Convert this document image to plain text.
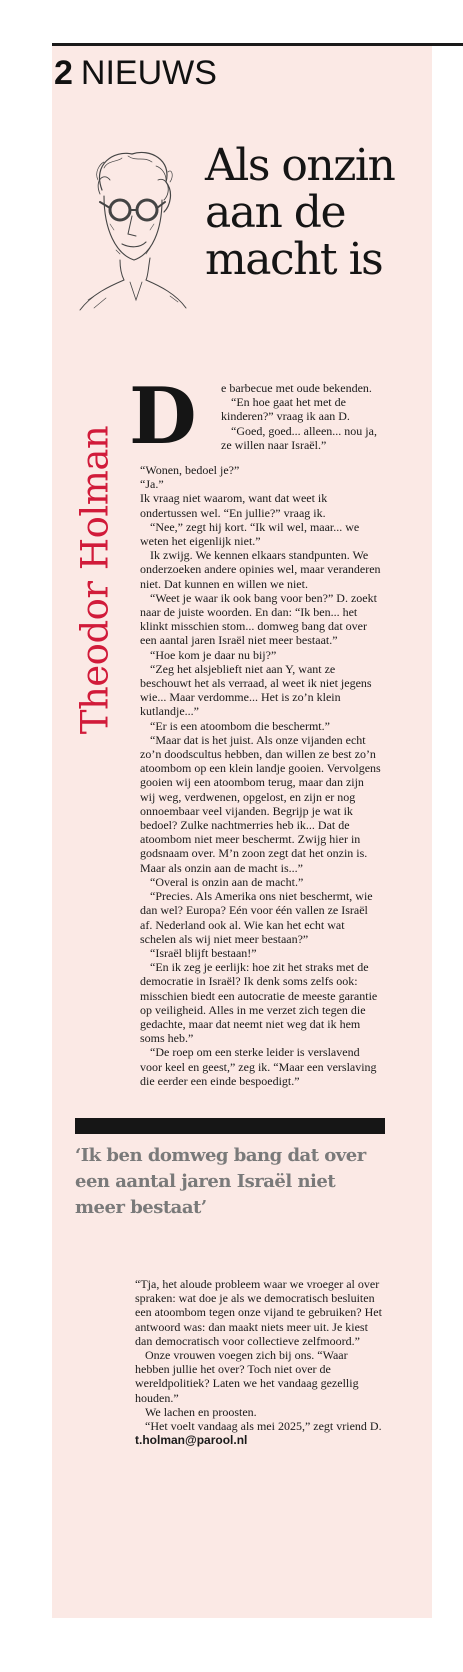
2 NIEUWS
Als onzin aan de macht is
Theodor Holman
D e barbecue met oude bekenden.

“En hoe gaat het met de kinderen?” vraag ik aan D.

“Goed, goed... alleen... nou ja, ze willen naar Israël.”

“Wonen, bedoel je?”

“Ja.”

Ik vraag niet waarom, want dat weet ik ondertussen wel. “En jullie?” vraag ik.

“Nee,” zegt hij kort. “Ik wil wel, maar... we weten het eigenlijk niet.”

Ik zwijg. We kennen elkaars standpunten. We onderzoeken andere opinies wel, maar veranderen niet. Dat kunnen en willen we niet.

“Weet je waar ik ook bang voor ben?” D. zoekt naar de juiste woorden. En dan: “Ik ben... het klinkt misschien stom... domweg bang dat over een aantal jaren Israël niet meer bestaat.”

“Hoe kom je daar nu bij?”

“Zeg het alsjeblieft niet aan Y, want ze beschouwt het als verraad, al weet ik niet jegens wie... Maar verdomme... Het is zo’n klein kutlandje...”

“Er is een atoombom die beschermt.”

“Maar dat is het juist. Als onze vijanden echt zo’n doodscultus hebben, dan willen ze best zo’n atoombom op een klein landje gooien. Vervolgens gooien wij een atoombom terug, maar dan zijn wij weg, verdwenen, opgelost, en zijn er nog onnoembaar veel vijanden. Begrijp je wat ik bedoel? Zulke nachtmerries heb ik... Dat de atoombom niet meer beschermt. Zwijg hier in godsnaam over. M’n zoon zegt dat het onzin is. Maar als onzin aan de macht is...”

“Overal is onzin aan de macht.”

“Precies. Als Amerika ons niet beschermt, wie dan wel? Europa? Eén voor één vallen ze Israël af. Nederland ook al. Wie kan het echt wat schelen als wij niet meer bestaan?”

“Israël blijft bestaan!”

“En ik zeg je eerlijk: hoe zit het straks met de democratie in Israël? Ik denk soms zelfs ook: misschien biedt een autocratie de meeste garantie op veiligheid. Alles in me verzet zich tegen die gedachte, maar dat neemt niet weg dat ik hem soms heb.”

“De roep om een sterke leider is verslavend voor keel en geest,” zeg ik. “Maar een verslaving die eerder een einde bespoedigt.”

‘Ik ben domweg bang dat over een aantal jaren Israël niet meer bestaat’

“Tja, het aloude probleem waar we vroeger al over spraken: wat doe je als we democratisch besluiten een atoombom tegen onze vijand te gebruiken? Het antwoord was: dan maakt niets meer uit. Je kiest dan democratisch voor collectieve zelfmoord.”

Onze vrouwen voegen zich bij ons. “Waar hebben jullie het over? Toch niet over de wereldpolitiek? Laten we het vandaag gezellig houden.”

We lachen en proosten.

“Het voelt vandaag als mei 2025,” zegt vriend D.

t.holman@parool.nl
